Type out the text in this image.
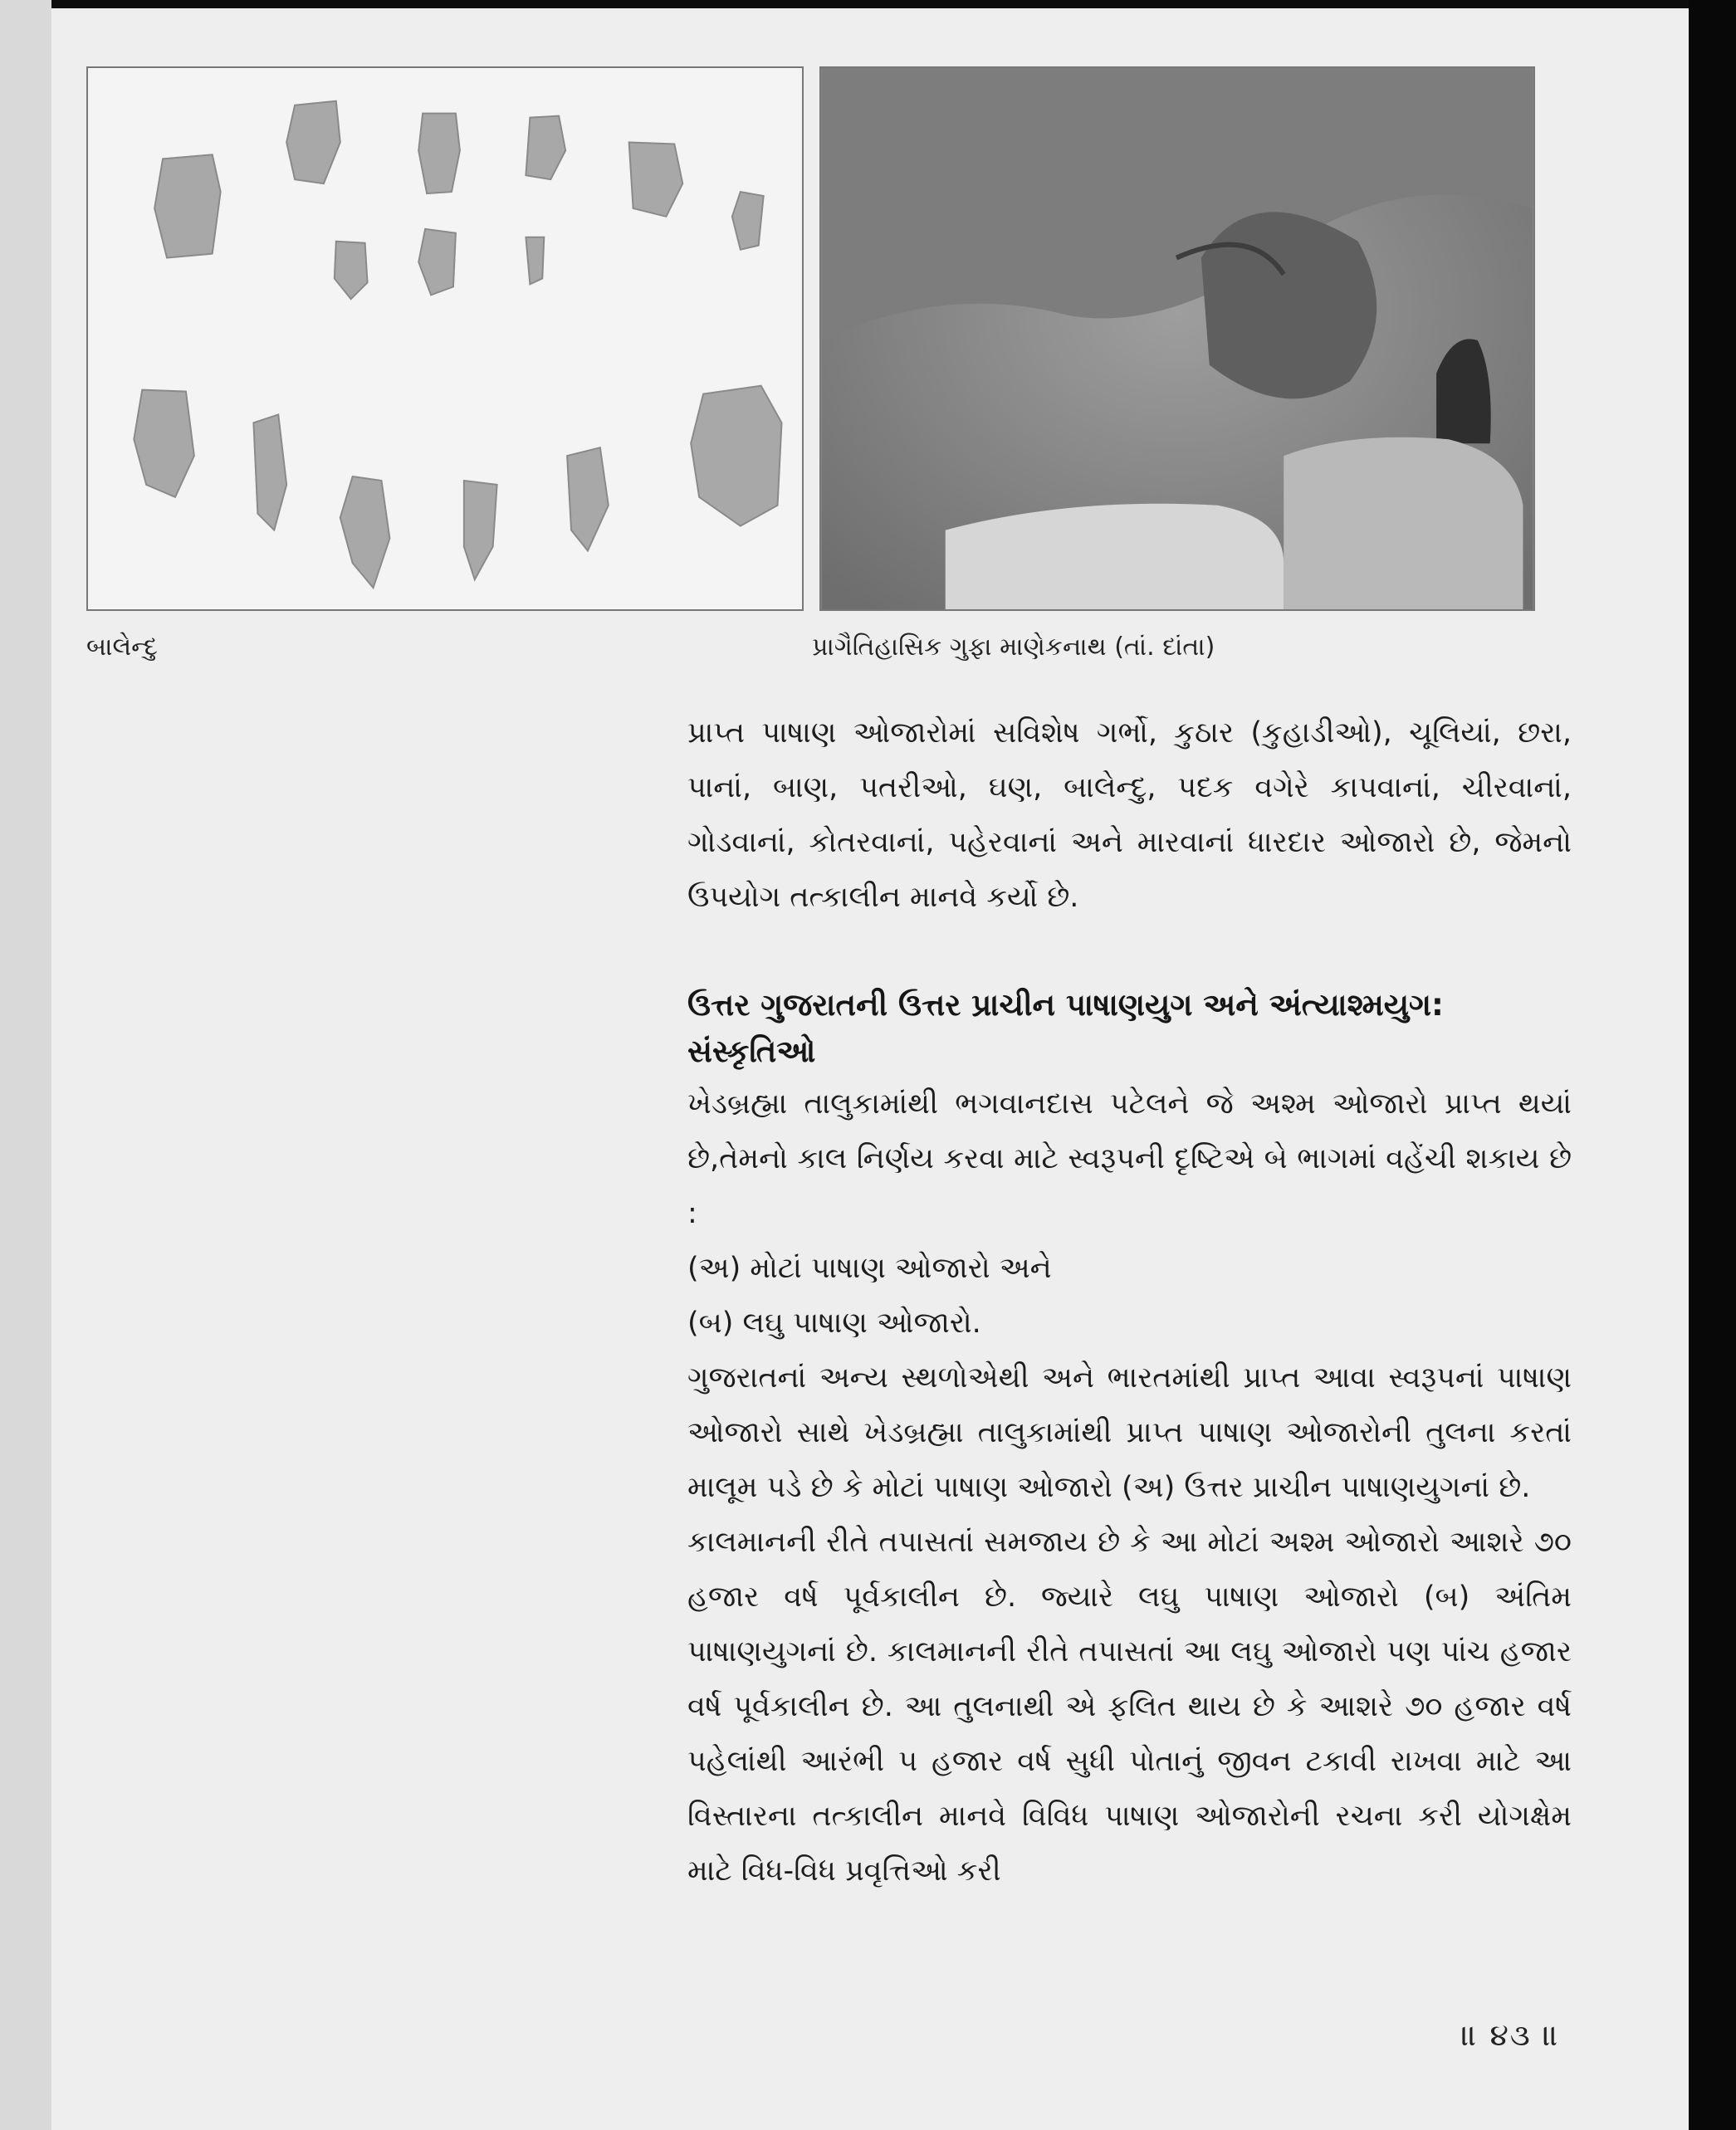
બાલેન્દુ	પ્રાગૈતિહાસિક ગુફા માણેકનાથ (તાં. દાંતા)

પ્રાપ્ત પાષાણ ઓજારોમાં સવિશેષ ગર્ભો, કુઠાર (કુહાડીઓ), ચૂલિયાં, છરા, પાનાં, બાણ, પતરીઓ, ઘણ, બાલેન્દુ, પદક વગેરે કાપવાનાં, ચીરવાનાં, ગોડવાનાં, કોતરવાનાં, પહેરવાનાં અને મારવાનાં ધારદાર ઓજારો છે, જેમનો ઉપયોગ તત્કાલીન માનવે કર્યો છે.

ઉત્તર ગુજરાતની ઉત્તર પ્રાચીન પાષાણયુગ અને અંત્યાશ્મયુગ: સંસ્કૃતિઓ

ખેડબ્રહ્મા તાલુકામાંથી ભગવાનદાસ પટેલને જે અશ્મ ઓજારો પ્રાપ્ત થયાં છે,તેમનો કાલ નિર્ણય કરવા માટે સ્વરૂપની દૃષ્ટિએ બે ભાગમાં વહેંચી શકાય છે :

(અ) મોટાં પાષાણ ઓજારો અને

(બ) લઘુ પાષાણ ઓજારો.

ગુજરાતનાં અન્ય સ્થળોએથી અને ભારતમાંથી પ્રાપ્ત આવા સ્વરૂપનાં પાષાણ ઓજારો સાથે ખેડબ્રહ્મા તાલુકામાંથી પ્રાપ્ત પાષાણ ઓજારોની તુલના કરતાં માલૂમ પડે છે કે મોટાં પાષાણ ઓજારો (અ) ઉત્તર પ્રાચીન પાષાણયુગનાં છે.

કાલમાનની રીતે તપાસતાં સમજાય છે કે આ મોટાં અશ્મ ઓજારો આશરે ૭૦ હજાર વર્ષ પૂર્વકાલીન છે. જ્યારે લઘુ પાષાણ ઓજારો (બ) અંતિમ પાષાણયુગનાં છે. કાલમાનની રીતે તપાસતાં આ લઘુ ઓજારો પણ પાંચ હજાર વર્ષ પૂર્વકાલીન છે. આ તુલનાથી એ ફલિત થાય છે કે આશરે ૭૦ હજાર વર્ષ પહેલાંથી આરંભી ૫ હજાર વર્ષ સુધી પોતાનું જીવન ટકાવી રાખવા માટે આ વિસ્તારના તત્કાલીન માનવે વિવિધ પાષાણ ઓજારોની રચના કરી યોગક્ષેમ માટે વિધ-વિધ પ્રવૃત્તિઓ કરી

॥ ૪૩ ॥
